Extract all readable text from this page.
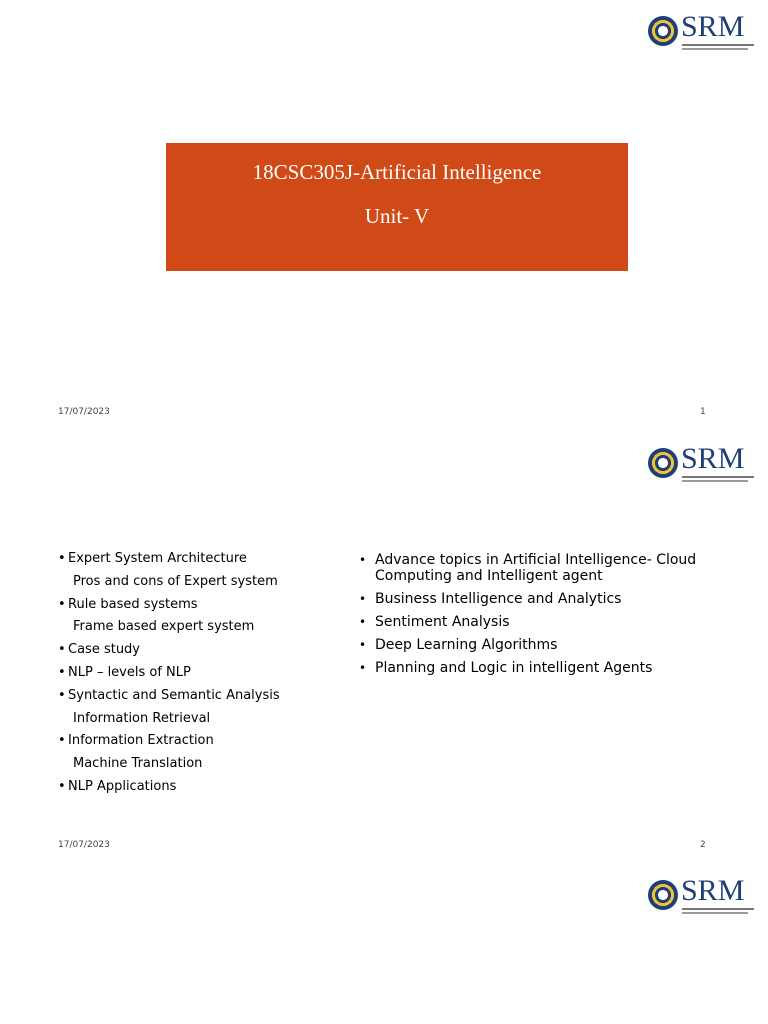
SRM
18CSC305J-Artificial Intelligence
Unit- V
17/07/2023	1
SRM
• Expert System Architecture
Pros and cons of Expert system
• Rule based systems
Frame based expert system
• Case study
• NLP – levels of NLP
• Syntactic and Semantic Analysis
Information Retrieval
• Information Extraction
Machine Translation
• NLP Applications
• Advance topics in Artificial Intelligence- Cloud Computing and Intelligent agent
• Business Intelligence and Analytics
• Sentiment Analysis
• Deep Learning Algorithms
• Planning and Logic in intelligent Agents
17/07/2023	2
SRM
